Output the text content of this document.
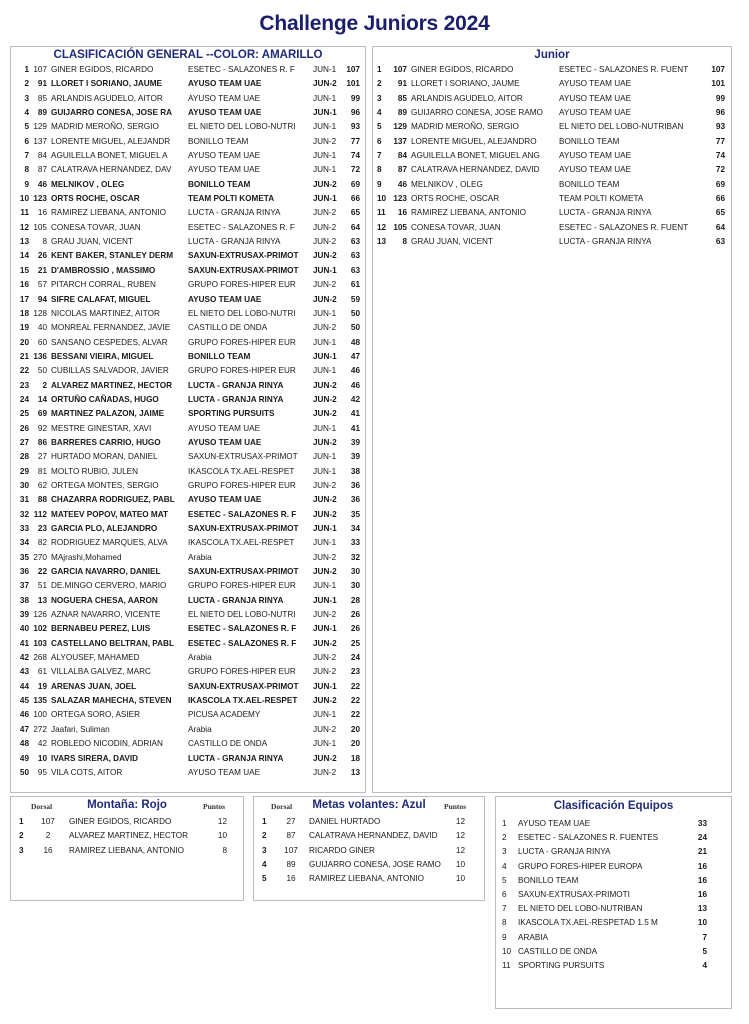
Challenge Juniors 2024
CLASIFICACIÓN GENERAL --COLOR: AMARILLO
1 107 GINER EGIDOS, RICARDO	ESETEC - SALAZONES R. F	JUN-1	107
2	91 LLORET I SORIANO, JAUME	AYUSO TEAM UAE	JUN-2	101
3	85 ARLANDIS AGUDELO, AITOR	AYUSO TEAM UAE	JUN-1	99
4	89 GUIJARRO CONESA, JOSE RA	AYUSO TEAM UAE	JUN-1	96
5 129 MADRID MEROÑO, SERGIO	EL NIETO DEL LOBO-NUTRI	JUN-1	93
6 137 LORENTE MIGUEL, ALEJANDR	BONILLO TEAM	JUN-2	77
7	84 AGUILELLA BONET, MIGUEL A	AYUSO TEAM UAE	JUN-1	74
8	87 CALATRAVA HERNANDEZ, DAV	AYUSO TEAM UAE	JUN-1	72
9	46 MELNIKOV , OLEG	BONILLO TEAM	JUN-2	69
10 123 ORTS ROCHE, OSCAR	TEAM POLTI KOMETA	JUN-1	66
11	16 RAMIREZ LIEBANA, ANTONIO	LUCTA - GRANJA RINYA	JUN-2	65
12 105 CONESA TOVAR, JUAN	ESETEC - SALAZONES R. F	JUN-2	64
13	8 GRAU JUAN, VICENT	LUCTA - GRANJA RINYA	JUN-2	63
14	26 KENT BAKER, STANLEY DERM	SAXUN-EXTRUSAX-PRIMOT	JUN-2	63
15	21 D'AMBROSSIO , MASSIMO	SAXUN-EXTRUSAX-PRIMOT	JUN-1	63
16	57 PITARCH CORRAL, RUBEN	GRUPO FORES-HIPER EUR	JUN-2	61
17	94 SIFRE CALAFAT, MIGUEL	AYUSO TEAM UAE	JUN-2	59
18 128 NICOLAS MARTINEZ, AITOR	EL NIETO DEL LOBO-NUTRI	JUN-1	50
19	40 MONREAL FERNANDEZ, JAVIE	CASTILLO DE ONDA	JUN-2	50
20	60 SANSANO CESPEDES, ALVAR	GRUPO FORES-HIPER EUR	JUN-1	48
21 136 BESSANI VIEIRA, MIGUEL	BONILLO TEAM	JUN-1	47
22	50 CUBILLAS SALVADOR, JAVIER	GRUPO FORES-HIPER EUR	JUN-1	46
23	2 ALVAREZ MARTINEZ, HECTOR	LUCTA - GRANJA RINYA	JUN-2	46
24	14 ORTUÑO CAÑADAS, HUGO	LUCTA - GRANJA RINYA	JUN-2	42
25	69 MARTINEZ PALAZON, JAIME	SPORTING PURSUITS	JUN-2	41
26	92 MESTRE GINESTAR, XAVI	AYUSO TEAM UAE	JUN-1	41
27	86 BARRERES CARRIO, HUGO	AYUSO TEAM UAE	JUN-2	39
28	27 HURTADO MORAN, DANIEL	SAXUN-EXTRUSAX-PRIMOT	JUN-1	39
29	81 MOLTO RUBIO, JULEN	IKASCOLA TX.AEL-RESPET	JUN-1	38
30	62 ORTEGA MONTES, SERGIO	GRUPO FORES-HIPER EUR	JUN-2	36
31	88 CHAZARRA RODRIGUEZ, PABL	AYUSO TEAM UAE	JUN-2	36
32 112 MATEEV POPOV, MATEO MAT	ESETEC - SALAZONES R. F	JUN-2	35
33	23 GARCIA PLO, ALEJANDRO	SAXUN-EXTRUSAX-PRIMOT	JUN-1	34
34	82 RODRIGUEZ MARQUES, ALVA	IKASCOLA TX.AEL-RESPET	JUN-1	33
35 270 MAjrashi,Mohamed	Arabia	JUN-2	32
36	22 GARCIA NAVARRO, DANIEL	SAXUN-EXTRUSAX-PRIMOT	JUN-2	30
37	51 DE.MINGO CERVERO, MARIO	GRUPO FORES-HIPER EUR	JUN-1	30
38	13 NOGUERA CHESA, AARON	LUCTA - GRANJA RINYA	JUN-1	28
39 126 AZNAR NAVARRO, VICENTE	EL NIETO DEL LOBO-NUTRI	JUN-2	26
40 102 BERNABEU PEREZ, LUIS	ESETEC - SALAZONES R. F	JUN-1	26
41 103 CASTELLANO BELTRAN, PABL	ESETEC - SALAZONES R. F	JUN-2	25
42 268 ALYOUSEF, MAHAMED	Arabia	JUN-2	24
43	61 VILLALBA GALVEZ, MARC	GRUPO FORES-HIPER EUR	JUN-2	23
44	19 ARENAS JUAN, JOEL	SAXUN-EXTRUSAX-PRIMOT	JUN-1	22
45 135 SALAZAR MAHECHA, STEVEN	IKASCOLA TX.AEL-RESPET	JUN-2	22
46 100 ORTEGA SORO, ASIER	PICUSA ACADEMY	JUN-1	22
47 272 Jaafari, Suliman	Arabia	JUN-2	20
48	42 ROBLEDO NICODIN, ADRIAN	CASTILLO DE ONDA	JUN-1	20
49	10 IVARS SIRERA, DAVID	LUCTA - GRANJA RINYA	JUN-2	18
50	95 VILA COTS, AITOR	AYUSO TEAM UAE	JUN-2	13
Junior
1	107 GINER EGIDOS, RICARDO	ESETEC - SALAZONES R. FUENT	107
2	91 LLORET I SORIANO, JAUME	AYUSO TEAM UAE	101
3	85 ARLANDIS AGUDELO, AITOR	AYUSO TEAM UAE	99
4	89 GUIJARRO CONESA, JOSE RAMO	AYUSO TEAM UAE	96
5	129 MADRID MEROÑO, SERGIO	EL NIETO DEL LOBO-NUTRIBAN	93
6	137 LORENTE MIGUEL, ALEJANDRO	BONILLO TEAM	77
7	84 AGUILELLA BONET, MIGUEL ANG	AYUSO TEAM UAE	74
8	87 CALATRAVA HERNANDEZ, DAVID	AYUSO TEAM UAE	72
9	46 MELNIKOV , OLEG	BONILLO TEAM	69
10 123 ORTS ROCHE, OSCAR	TEAM POLTI KOMETA	66
11	16 RAMIREZ LIEBANA, ANTONIO	LUCTA - GRANJA RINYA	65
12 105 CONESA TOVAR, JUAN	ESETEC - SALAZONES R. FUENT	64
13	8 GRAU JUAN, VICENT	LUCTA - GRANJA RINYA	63
Dorsal	Montaña: Rojo	Puntos
1	107	GINER EGIDOS, RICARDO	12
2	2	ALVAREZ MARTINEZ, HECTOR	10
3	16	RAMIREZ LIEBANA, ANTONIO	8
Dorsal	Metas volantes: Azul	Puntos
1	27	DANIEL HURTADO	12
2	87	CALATRAVA HERNANDEZ, DAVID	12
3	107	RICARDO GINER	12
4	89	GUIJARRO CONESA, JOSE RAMO	10
5	16	RAMIREZ LIEBANA, ANTONIO	10
Clasificación Equipos
1	AYUSO TEAM UAE	33
2	ESETEC - SALAZONES R. FUENTES	24
3	LUCTA - GRANJA RINYA	21
4	GRUPO FORES-HIPER EUROPA	16
5	BONILLO TEAM	16
6	SAXUN-EXTRUSAX-PRIMOTI	16
7	EL NIETO DEL LOBO-NUTRIBAN	13
8	IKASCOLA TX.AEL-RESPETAD 1.5 M	10
9	ARABIA	7
10 CASTILLO DE ONDA	5
11 SPORTING PURSUITS	4
